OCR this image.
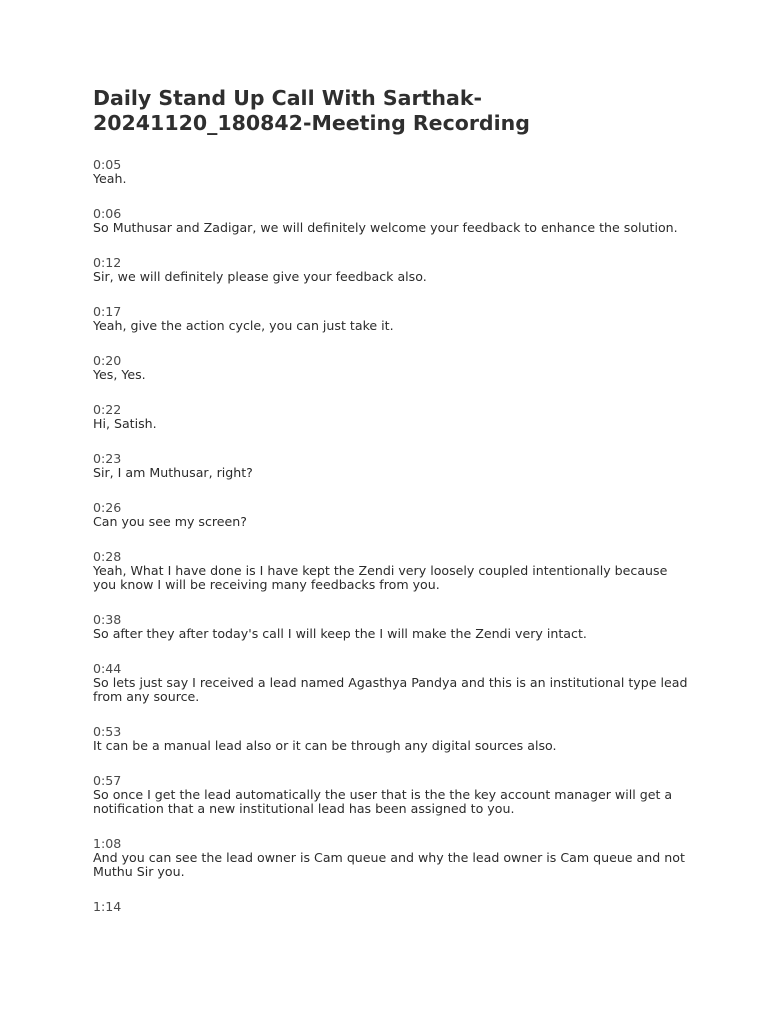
Daily Stand Up Call With Sarthak-20241120_180842-Meeting Recording
0:05
Yeah.
0:06
So Muthusar and Zadigar, we will definitely welcome your feedback to enhance the solution.
0:12
Sir, we will definitely please give your feedback also.
0:17
Yeah, give the action cycle, you can just take it.
0:20
Yes, Yes.
0:22
Hi, Satish.
0:23
Sir, I am Muthusar, right?
0:26
Can you see my screen?
0:28
Yeah, What I have done is I have kept the Zendi very loosely coupled intentionally because you know I will be receiving many feedbacks from you.
0:38
So after they after today's call I will keep the I will make the Zendi very intact.
0:44
So lets just say I received a lead named Agasthya Pandya and this is an institutional type lead from any source.
0:53
It can be a manual lead also or it can be through any digital sources also.
0:57
So once I get the lead automatically the user that is the the key account manager will get a notification that a new institutional lead has been assigned to you.
1:08
And you can see the lead owner is Cam queue and why the lead owner is Cam queue and not Muthu Sir you.
1:14
